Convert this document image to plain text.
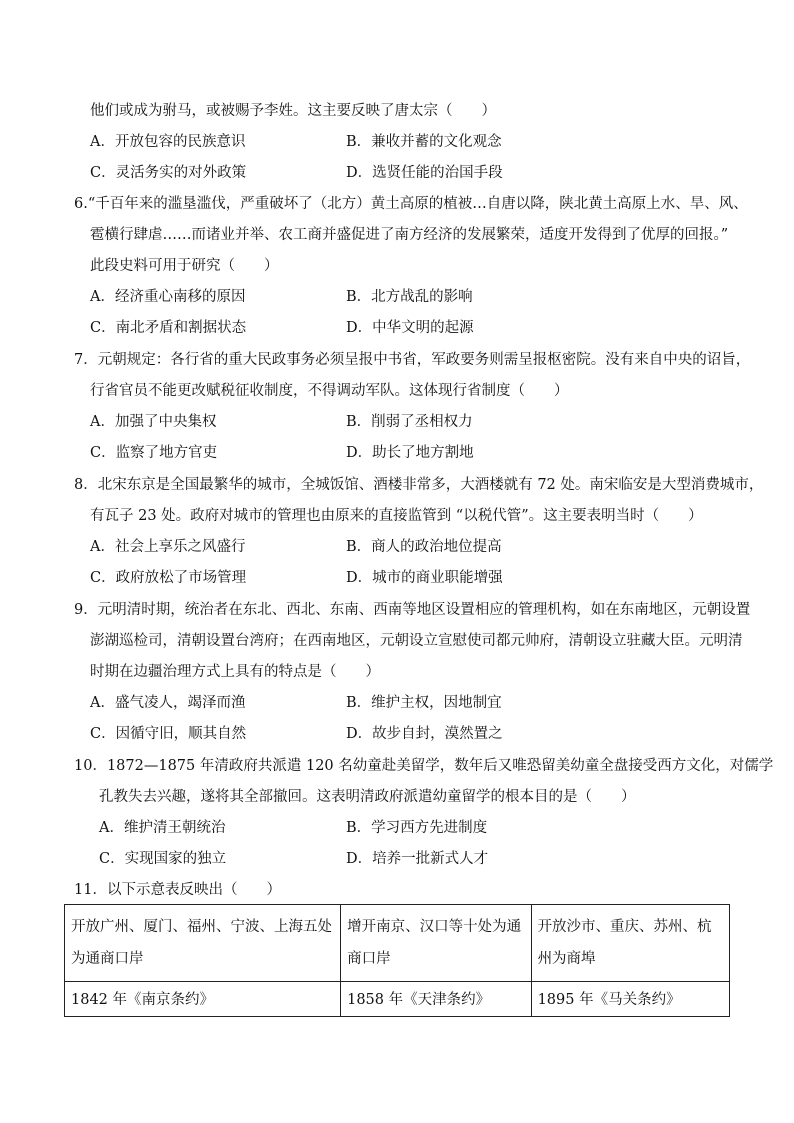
他们或成为驸马，或被赐予李姓。这主要反映了唐太宗（　　）
A．开放包容的民族意识	B．兼收并蓄的文化观念
C．灵活务实的对外政策	D．选贤任能的治国手段
6.“千百年来的滥垦滥伐，严重破坏了（北方）黄土高原的植被…自唐以降，陕北黄土高原上水、旱、风、
雹横行肆虐……而诸业并举、农工商并盛促进了南方经济的发展繁荣，适度开发得到了优厚的回报。”
此段史料可用于研究（　　）
A．经济重心南移的原因	B．北方战乱的影响
C．南北矛盾和割据状态	D．中华文明的起源
7．元朝规定：各行省的重大民政事务必须呈报中书省，军政要务则需呈报枢密院。没有来自中央的诏旨，
行省官员不能更改赋税征收制度，不得调动军队。这体现行省制度（　　）
A．加强了中央集权	B．削弱了丞相权力
C．监察了地方官吏	D．助长了地方割地
8．北宋东京是全国最繁华的城市，全城饭馆、酒楼非常多，大酒楼就有 72 处。南宋临安是大型消费城市，
有瓦子 23 处。政府对城市的管理也由原来的直接监管到 “以税代管”。这主要表明当时（　　）
A．社会上享乐之风盛行	B．商人的政治地位提高
C．政府放松了市场管理	D．城市的商业职能增强
9．元明清时期，统治者在东北、西北、东南、西南等地区设置相应的管理机构，如在东南地区，元朝设置
澎湖巡检司，清朝设置台湾府；在西南地区，元朝设立宣慰使司都元帅府，清朝设立驻藏大臣。元明清
时期在边疆治理方式上具有的特点是（　　）
A．盛气凌人，竭泽而渔	B．维护主权，因地制宜
C．因循守旧，顺其自然	D．故步自封，漠然置之
10．1872—1875 年清政府共派遣 120 名幼童赴美留学，数年后又唯恐留美幼童全盘接受西方文化，对儒学
孔教失去兴趣，遂将其全部撤回。这表明清政府派遣幼童留学的根本目的是（　　）
A．维护清王朝统治	B．学习西方先进制度
C．实现国家的独立	D．培养一批新式人才
11．以下示意表反映出（　　）
开放广州、厦门、福州、宁波、上海五处为通商口岸	增开南京、汉口等十处为通商口岸	开放沙市、重庆、苏州、杭州为商埠
1842 年《南京条约》	1858 年《天津条约》	1895 年《马关条约》
